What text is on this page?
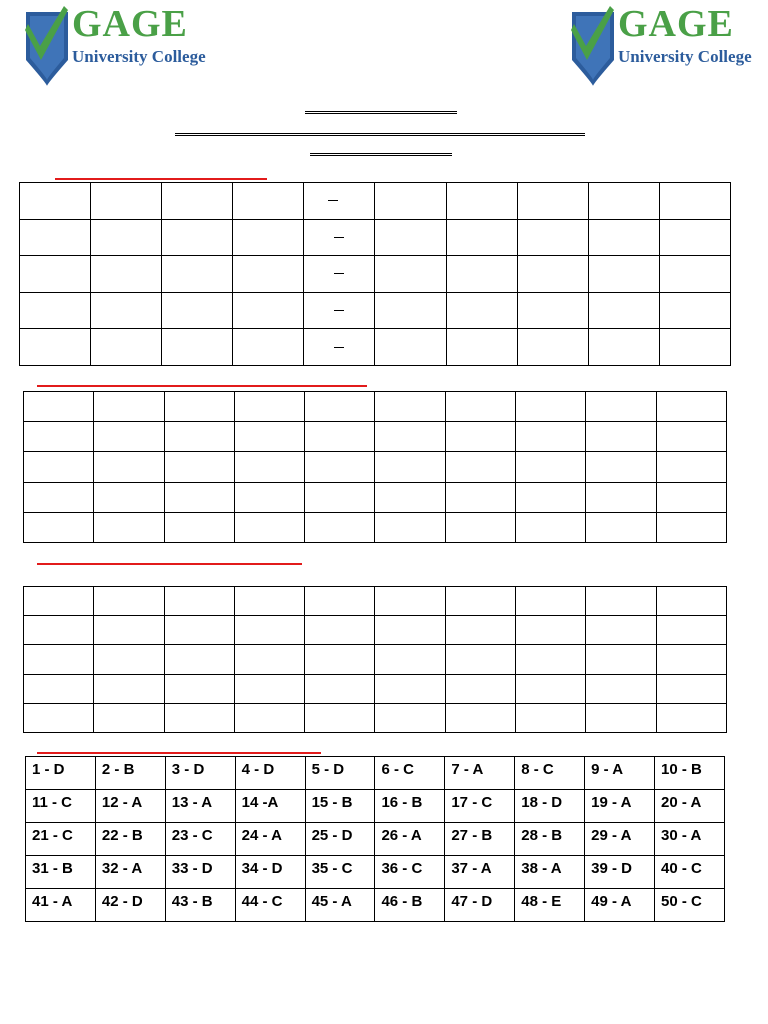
GAGE
University College
GAGE
University College

1 - D	2 - B	3 - D	4 - D	5 - D	6 - C	7 - A	8 - C	9 - A	10 - B
11 - C	12 - A	13 - A	14 -A	15 - B	16 - B	17 - C	18 - D	19 - A	20 - A
21 - C	22 - B	23 - C	24 - A	25 - D	26 - A	27 - B	28 - B	29 - A	30 - A
31 - B	32 - A	33 - D	34 - D	35 - C	36 - C	37 - A	38 - A	39 - D	40 - C
41 - A	42 - D	43 - B	44 - C	45 - A	46 - B	47 - D	48 - E	49 - A	50 - C
